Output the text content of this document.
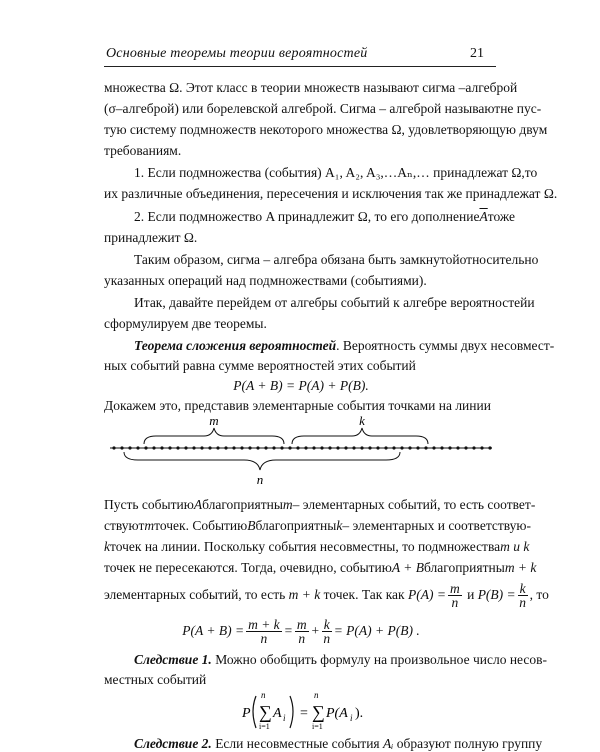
Основные теоремы теории вероятностей	21
множества Ω. Этот класс в теории множеств называют сигма – алгеброй
(σ–алгеброй) или борелевской алгеброй. Сигма – алгеброй называют не пус-
тую систему подмножеств некоторого множества Ω, удовлетворяющую двум
требованиям.
1. Если подмножества (события) A₁, A₂, A₃,…Aₙ,… принадлежат Ω, то
их различные объединения, пересечения и исключения так же принадлежат Ω.
2. Если подмножество A принадлежит Ω, то его дополнение $\overline{A}$ тоже
принадлежит Ω.
Таким образом, сигма – алгебра обязана быть замкнутой относительно
указанных операций над подмножествами (событиями).
Итак, давайте перейдем от алгебры событий к алгебре вероятностей и
сформулируем две теоремы.
Теорема сложения вероятностей. Вероятность суммы двух несовмест-
ных событий равна сумме вероятностей этих событий
P(A + B) = P(A) + P(B).
Докажем это, представив элементарные события точками на линии
m	k
n
Пусть событию A благоприятны m – элементарных событий, то есть соответ-
ствуют m точек. Событию B благоприятны k – элементарных и соответствую-
k точек на линии. Поскольку события несовместны, то подмножества m и k
точек не пересекаются. Тогда, очевидно, событию A + B благоприятны m + k
элементарных событий, то есть
m + k
точек. Так как
$P(A) = \frac{m}{n}$
и
$P(B) = \frac{k}{n}$ , то
$P(A + B) = \frac{m + k}{n} = \frac{m}{n} + \frac{k}{n} = P(A) + P(B)$ .
Следствие 1. Можно обобщить формулу на произвольное число несов-
местных событий
P
n
∑
i=1
A i =
n
∑
i=1
P(A i ).
Следствие 2. Если несовместные события Aᵢ образуют полную группу
